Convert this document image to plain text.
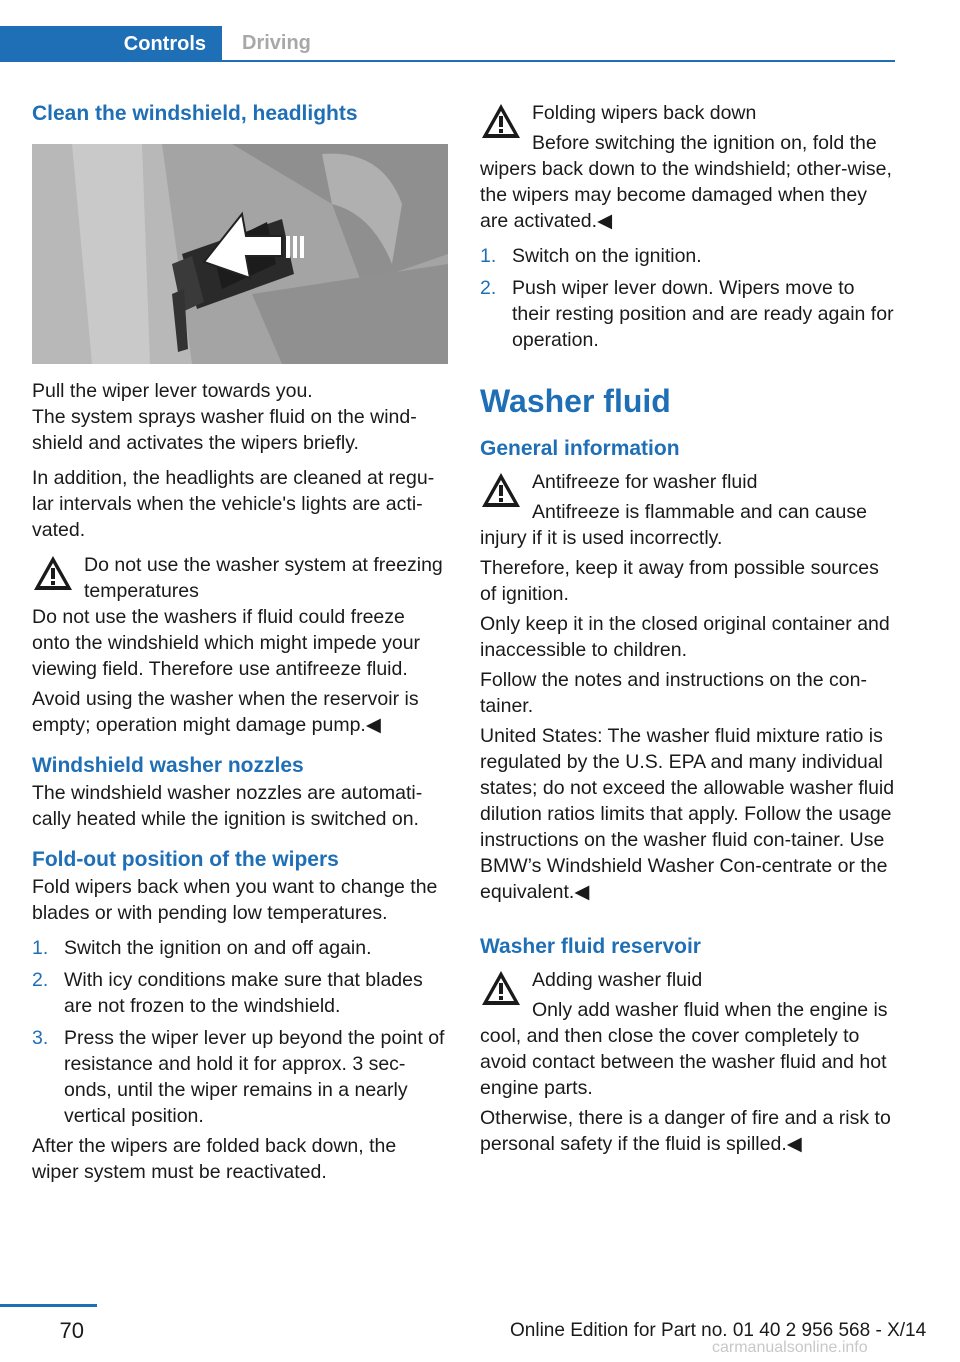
Controls	Driving
Clean the windshield, headlights

Pull the wiper lever towards you.

The system sprays washer fluid on the wind‐shield and activates the wipers briefly.

In addition, the headlights are cleaned at regu‐lar intervals when the vehicle's lights are acti‐vated.

Do not use the washer system at freezing temperatures

Do not use the washers if fluid could freeze onto the windshield which might impede your viewing field. Therefore use antifreeze fluid.

Avoid using the washer when the reservoir is empty; operation might damage pump.◀

Windshield washer nozzles

The windshield washer nozzles are automati‐cally heated while the ignition is switched on.

Fold-out position of the wipers

Fold wipers back when you want to change the blades or with pending low temperatures.

1. Switch the ignition on and off again.
2. With icy conditions make sure that blades are not frozen to the windshield.
3. Press the wiper lever up beyond the point of resistance and hold it for approx. 3 sec‐onds, until the wiper remains in a nearly vertical position.

After the wipers are folded back down, the wiper system must be reactivated.

Folding wipers back down

Before switching the ignition on, fold the wipers back down to the windshield; other‐wise, the wipers may become damaged when they are activated.◀

1. Switch on the ignition.
2. Push wiper lever down. Wipers move to their resting position and are ready again for operation.
Washer fluid
General information

Antifreeze for washer fluid

Antifreeze is flammable and can cause injury if it is used incorrectly.

Therefore, keep it away from possible sources of ignition.

Only keep it in the closed original container and inaccessible to children.

Follow the notes and instructions on the con‐tainer.

United States: The washer fluid mixture ratio is regulated by the U.S. EPA and many individual states; do not exceed the allowable washer fluid dilution ratios limits that apply. Follow the usage instructions on the washer fluid con‐tainer. Use BMW’s Windshield Washer Con‐centrate or the equivalent.◀

Washer fluid reservoir

Adding washer fluid

Only add washer fluid when the engine is cool, and then close the cover completely to avoid contact between the washer fluid and hot engine parts.

Otherwise, there is a danger of fire and a risk to personal safety if the fluid is spilled.◀

70	Online Edition for Part no. 01 40 2 956 568 - X/14
carmanualsonline.info
